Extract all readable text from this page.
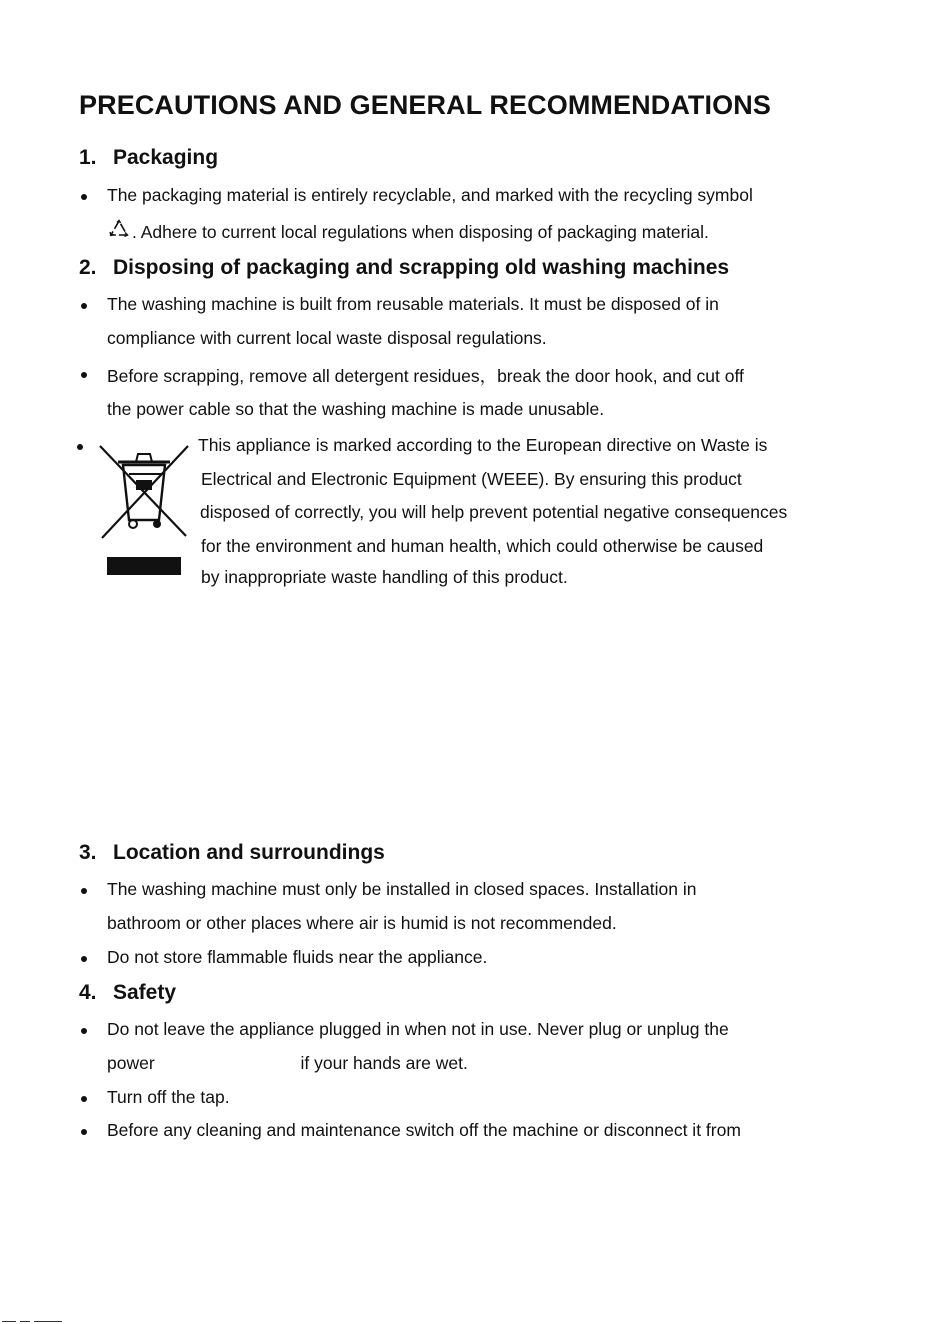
PRECAUTIONS AND GENERAL RECOMMENDATIONS
1. Packaging
The packaging material is entirely recyclable, and marked with the recycling symbol
. Adhere to current local regulations when disposing of packaging material.
2. Disposing of packaging and scrapping old washing machines
The washing machine is built from reusable materials. It must be disposed of in
compliance with current local waste disposal regulations.
Before scrapping, remove all detergent residues，break the door hook, and cut off
the power cable so that the washing machine is made unusable.
This appliance is marked according to the European directive on Waste is
Electrical and Electronic Equipment (WEEE). By ensuring this product
disposed of correctly, you will help prevent potential negative consequences
for the environment and human health, which could otherwise be caused
by inappropriate waste handling of this product.
3. Location and surroundings
The washing machine must only be installed in closed spaces. Installation in
bathroom or other places where air is humid is not recommended.
Do not store flammable fluids near the appliance.
4. Safety
Do not leave the appliance plugged in when not in use. Never plug or unplug the
power                              if your hands are wet.
Turn off the tap.
Before any cleaning and maintenance switch off the machine or disconnect it from
